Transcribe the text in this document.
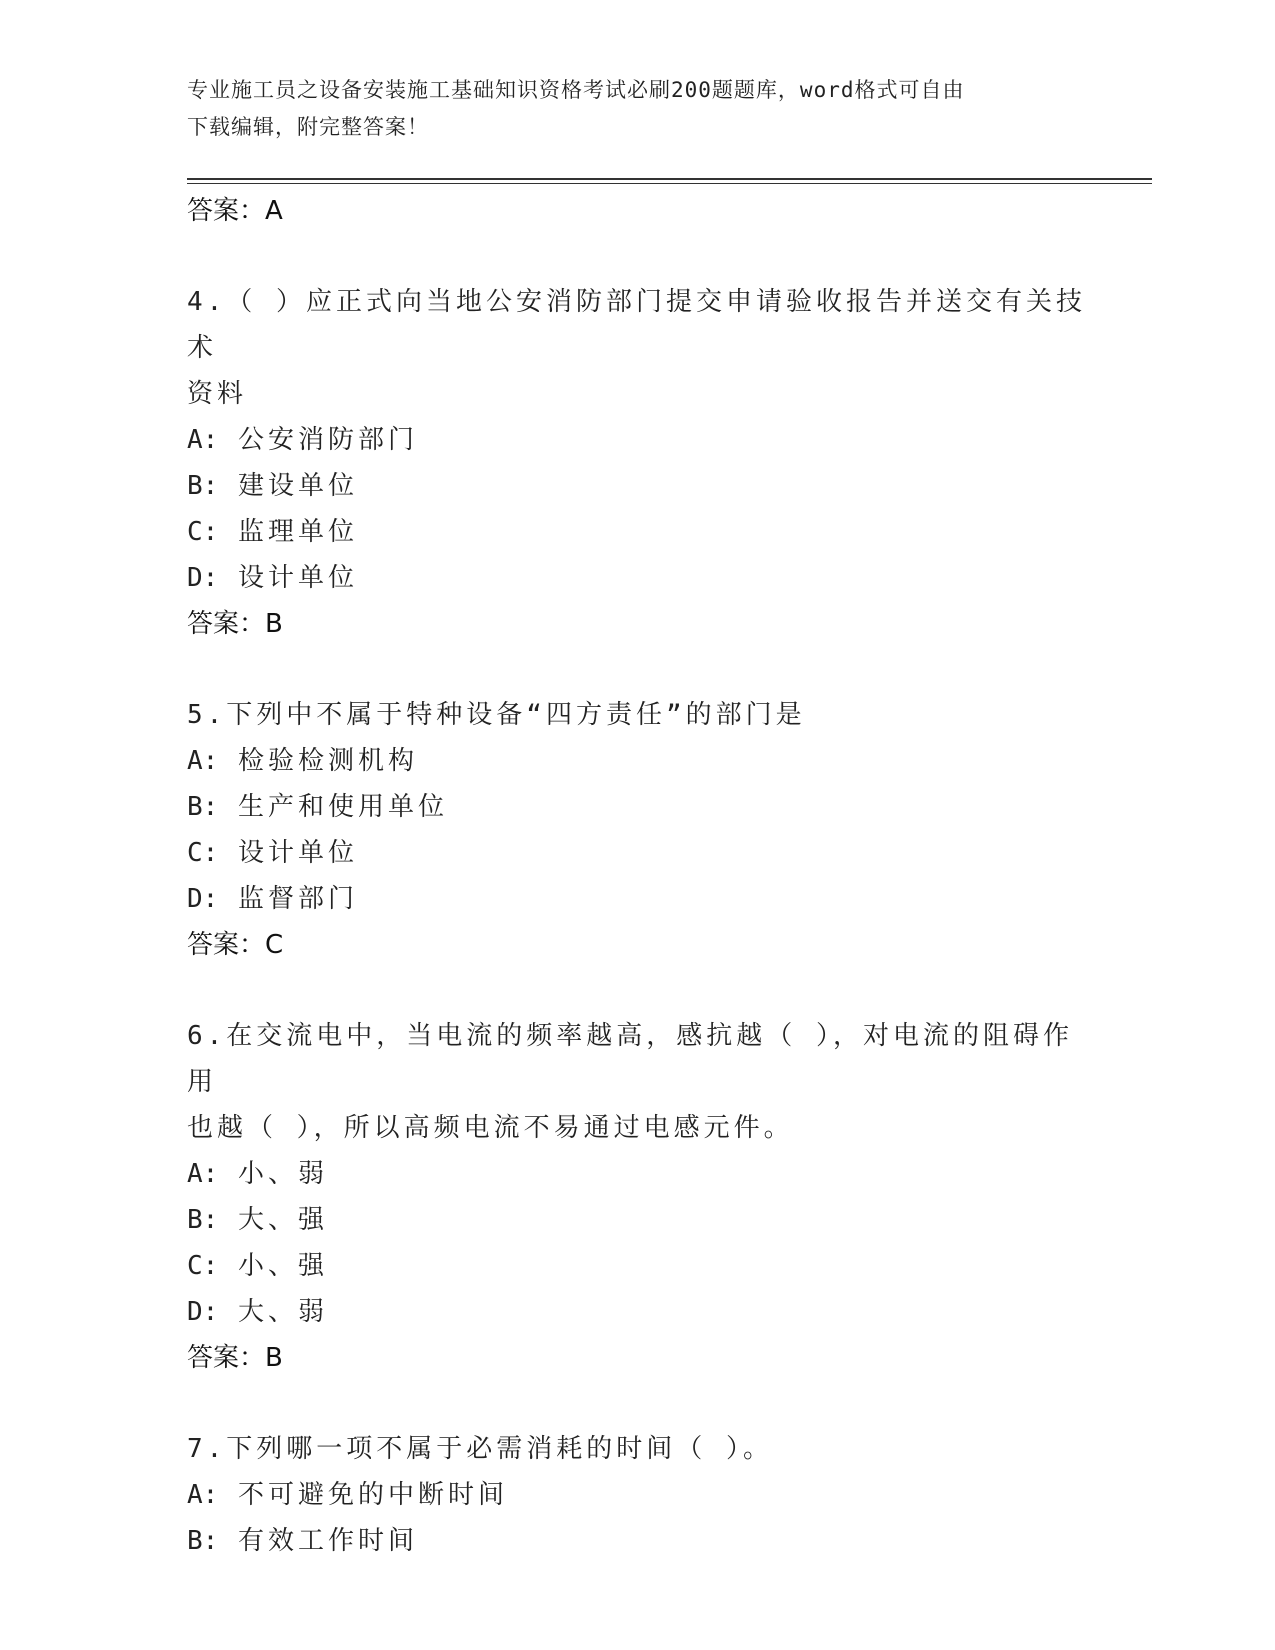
专业施工员之设备安装施工基础知识资格考试必刷200题题库，word格式可自由
下载编辑，附完整答案！
答案：A
4.（ ）应正式向当地公安消防部门提交申请验收报告并送交有关技术
资料
A: 公安消防部门
B: 建设单位
C: 监理单位
D: 设计单位
答案：B
5.下列中不属于特种设备“四方责任”的部门是
A: 检验检测机构
B: 生产和使用单位
C: 设计单位
D: 监督部门
答案：C
6.在交流电中，当电流的频率越高，感抗越（ ），对电流的阻碍作用
也越（ ），所以高频电流不易通过电感元件。
A: 小、弱
B: 大、强
C: 小、强
D: 大、弱
答案：B
7.下列哪一项不属于必需消耗的时间（ ）。
A: 不可避免的中断时间
B: 有效工作时间
